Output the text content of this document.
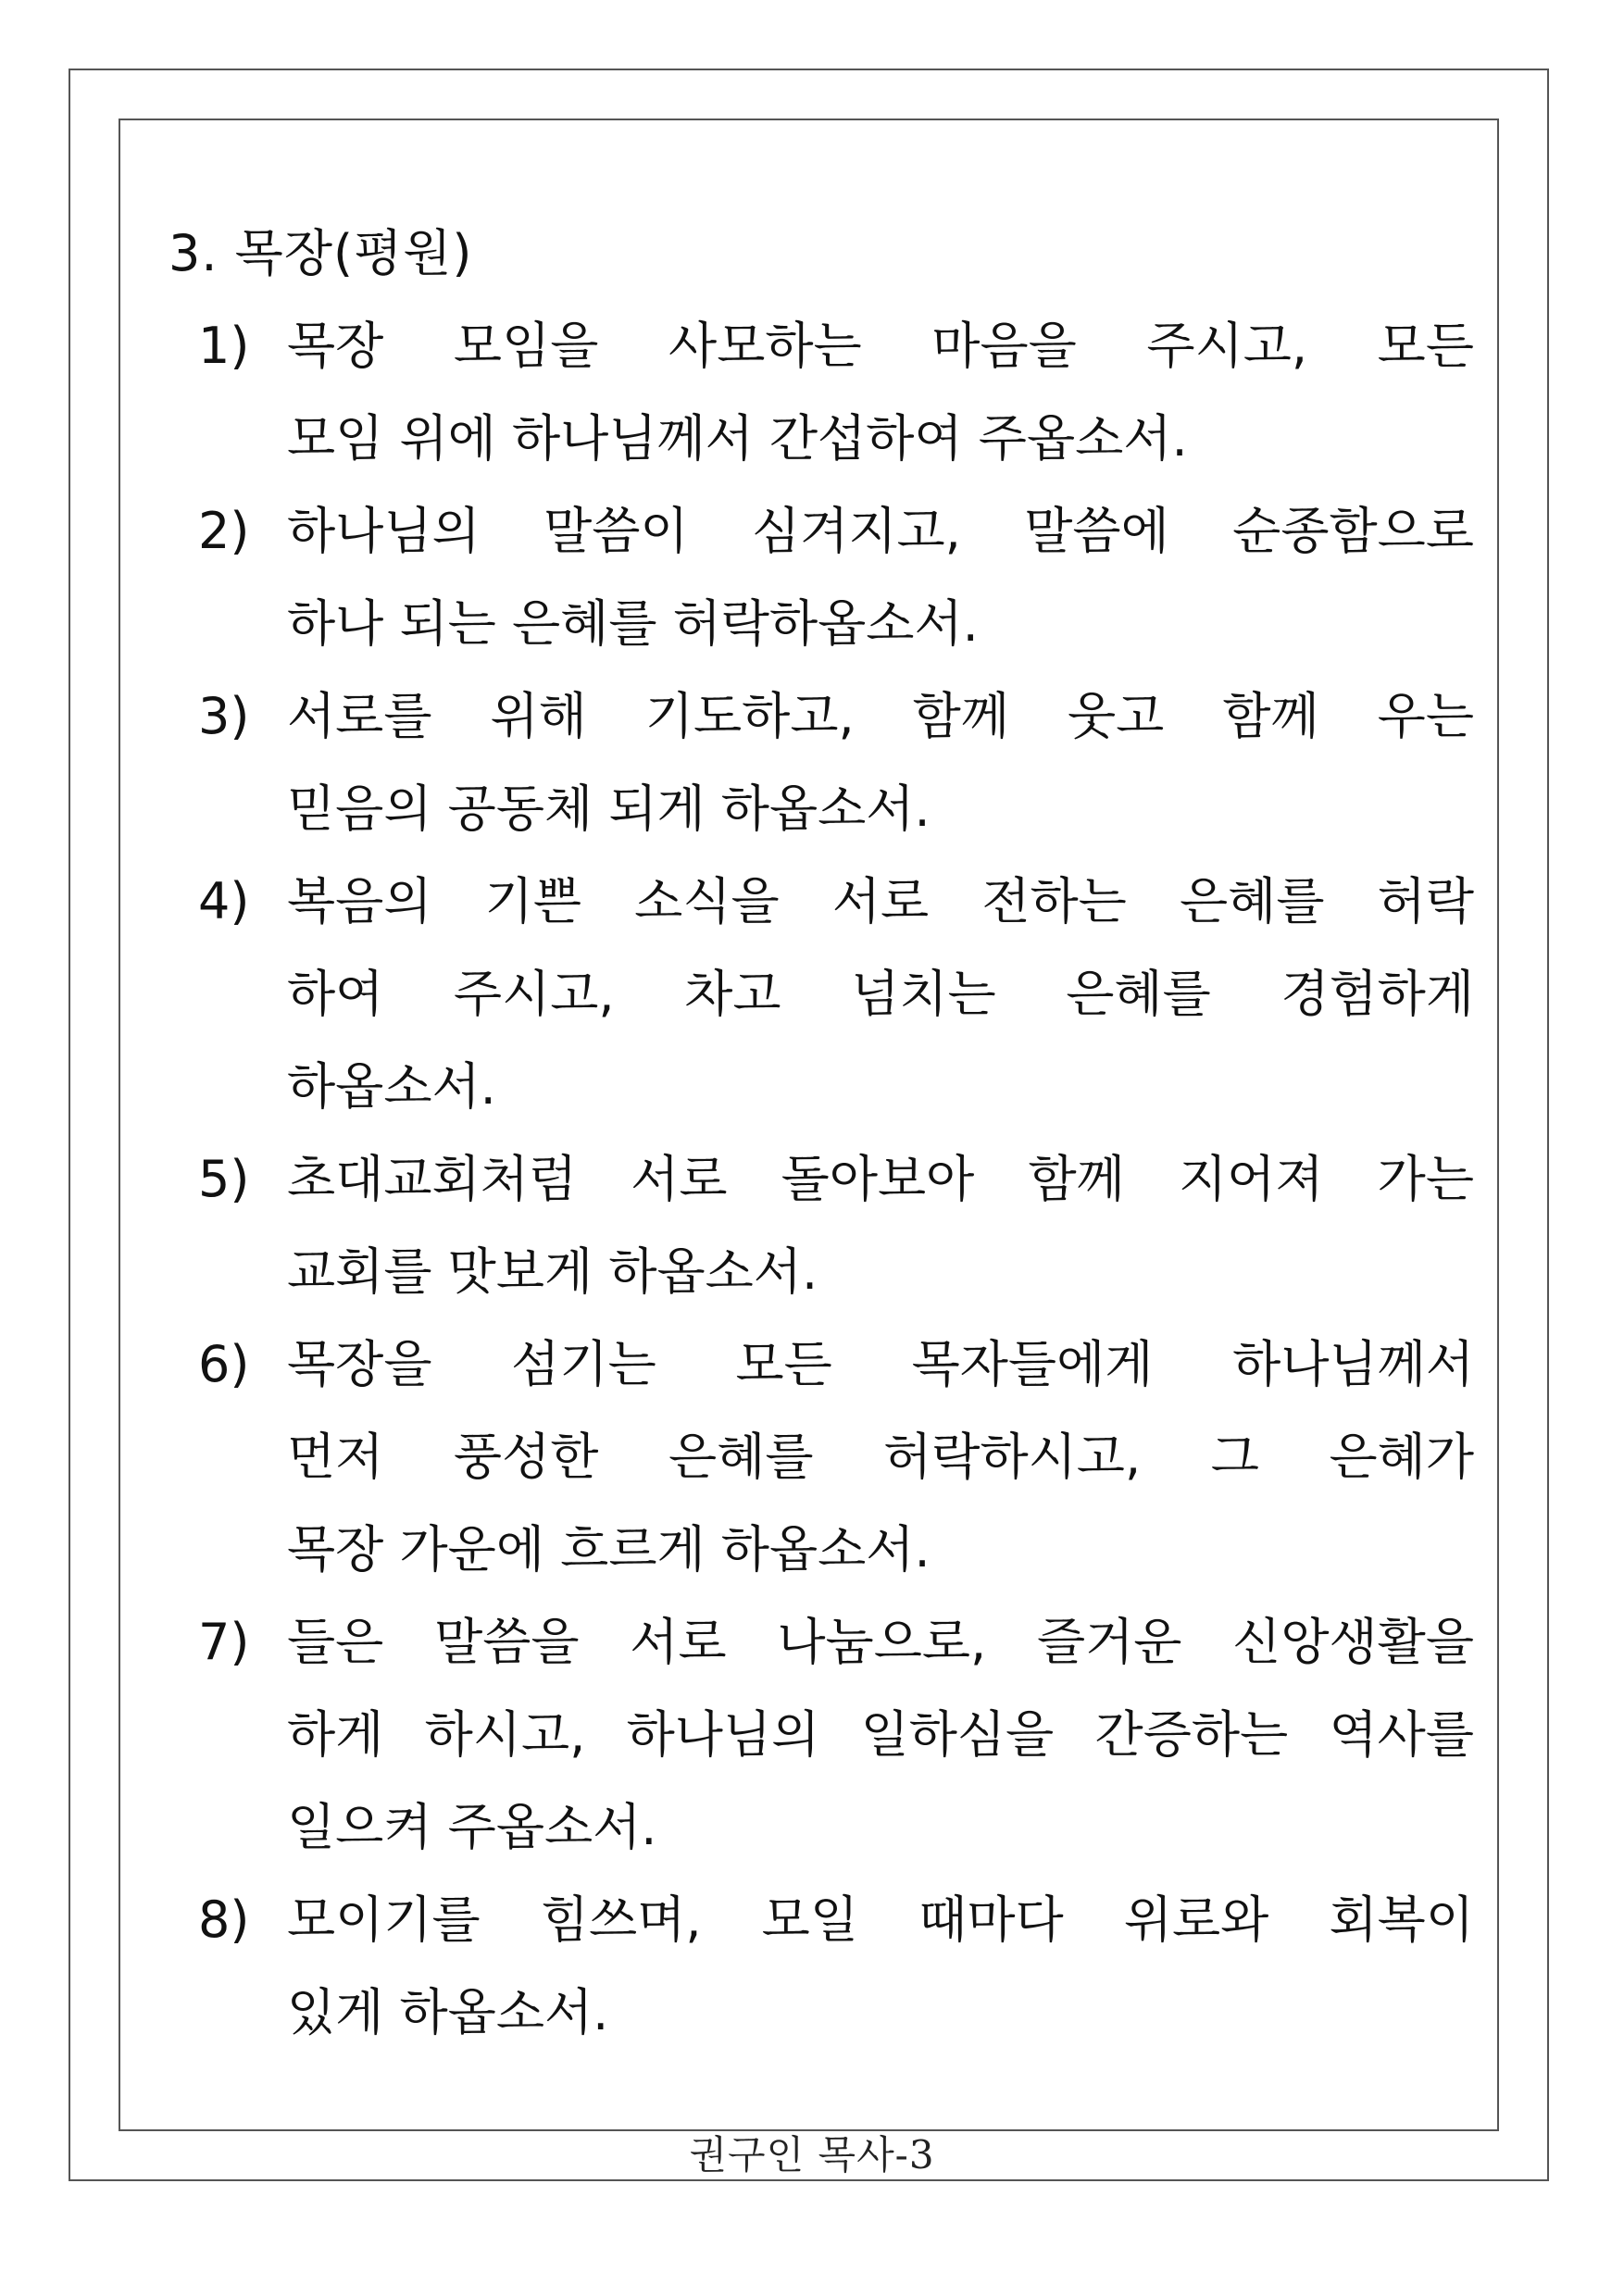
3. 목장(평원)
1) 목장 모임을 사모하는 마음을 주시고, 모든
모임 위에 하나님께서 간섭하여 주옵소서.
2) 하나님의 말씀이 심겨지고, 말씀에 순종함으로
하나 되는 은혜를 허락하옵소서.
3) 서로를 위해 기도하고, 함께 웃고 함께 우는
믿음의 공동체 되게 하옵소서.
4) 복음의 기쁜 소식을 서로 전하는 은혜를 허락
하여 주시고, 차고 넘치는 은혜를 경험하게
하옵소서.
5) 초대교회처럼 서로 돌아보아 함께 지어져 가는
교회를 맛보게 하옵소서.
6) 목장을 섬기는 모든 목자들에게 하나님께서
먼저 풍성한 은혜를 허락하시고, 그 은혜가
목장 가운에 흐르게 하옵소서.
7) 들은 말씀을 서로 나눔으로, 즐거운 신앙생활을
하게 하시고, 하나님의 일하심을 간증하는 역사를
일으켜 주옵소서.
8) 모이기를 힘쓰며, 모일 때마다 위로와 회복이
있게 하옵소서.
권구인 목사-3
